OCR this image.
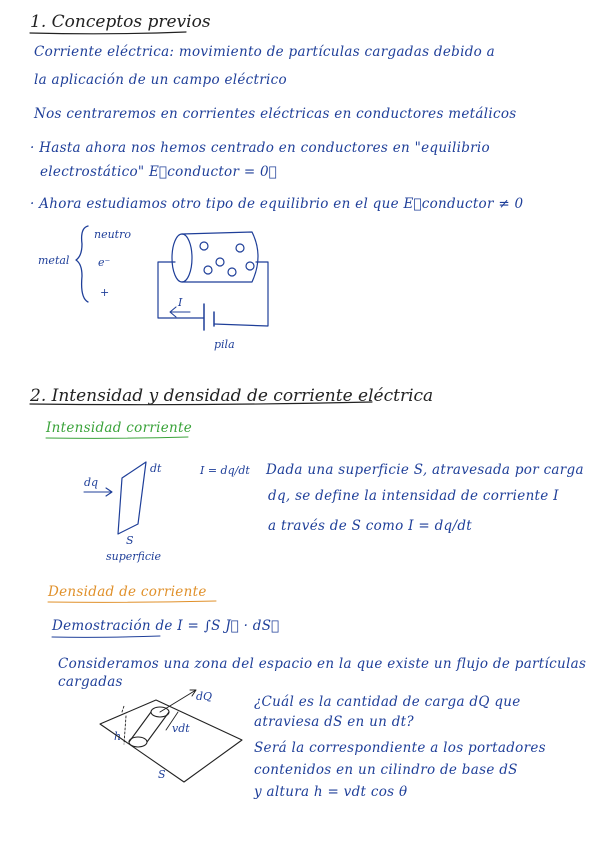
1. Conceptos previos
Corriente eléctrica: movimiento de partículas cargadas debido a
la aplicación de un campo eléctrico
Nos centraremos en corrientes eléctricas en conductores metálicos
· Hasta ahora nos hemos centrado en conductores en "equilibrio
electrostático" E⃗conductor = 0⃗
· Ahora estudiamos otro tipo de equilibrio en el que E⃗conductor ≠ 0
metal
neutro
e⁻
+
I
pila
2. Intensidad y densidad de corriente eléctrica
Intensidad corriente
dq
dt
S
superficie
I = dq/dt Dada una superficie S, atravesada por carga
dq, se define la intensidad de corriente I
a través de S como I = dq/dt
Densidad de corriente
Demostración de I = ∫S J⃗ · dS⃗
Consideramos una zona del espacio en la que existe un flujo de partículas
cargadas
dQ
vdt
h
S
¿Cuál es la cantidad de carga dQ que
atraviesa dS en un dt?
Será la correspondiente a los portadores
contenidos en un cilindro de base dS
y altura h = vdt cos θ
